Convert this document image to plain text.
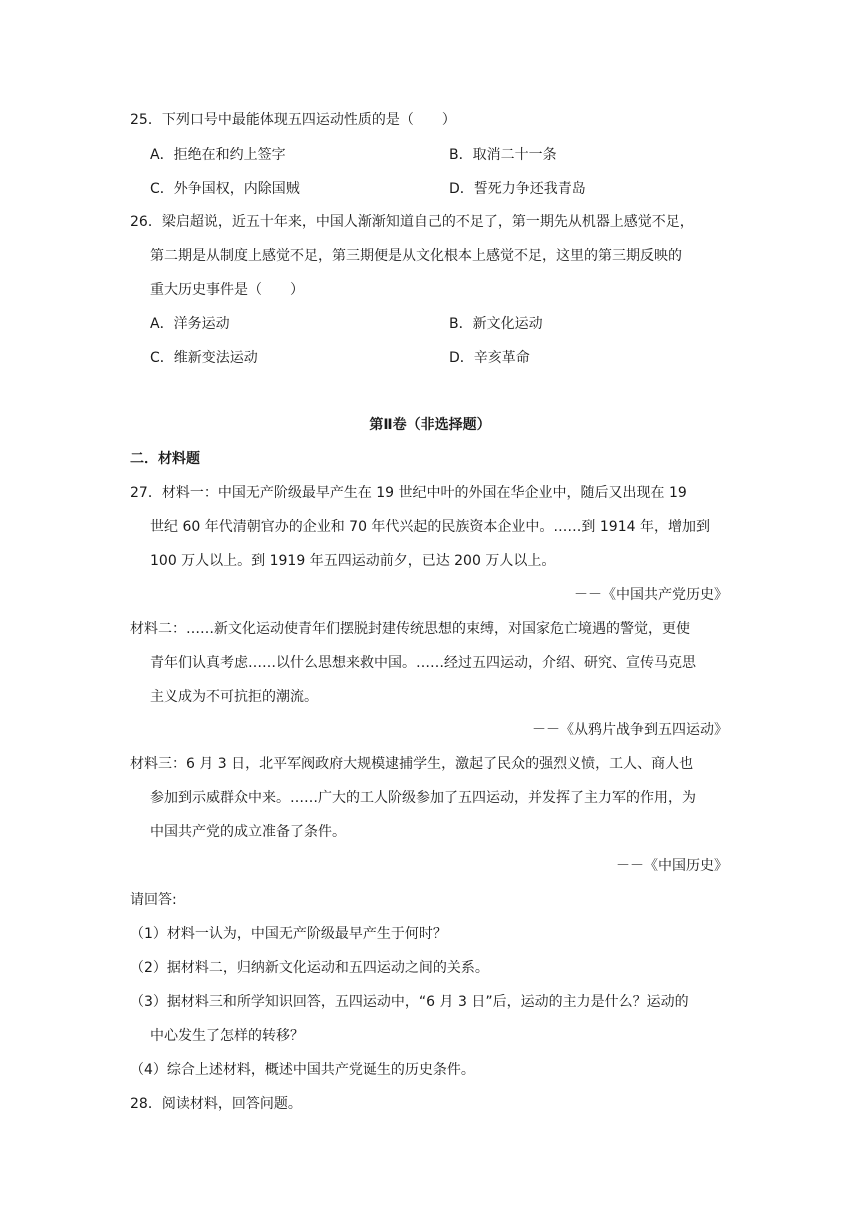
25．下列口号中最能体现五四运动性质的是（　　）
A．拒绝在和约上签字	B．取消二十一条
C．外争国权，内除国贼	D．誓死力争还我青岛
26．梁启超说，近五十年来，中国人渐渐知道自己的不足了，第一期先从机器上感觉不足，
第二期是从制度上感觉不足，第三期便是从文化根本上感觉不足，这里的第三期反映的
重大历史事件是（　　）
A．洋务运动	B．新文化运动
C．维新变法运动	D．辛亥革命
第Ⅱ卷（非选择题）
二．材料题
27．材料一：中国无产阶级最早产生在 19 世纪中叶的外国在华企业中，随后又出现在 19
世纪 60 年代清朝官办的企业和 70 年代兴起的民族资本企业中。……到 1914 年，增加到
100 万人以上。到 1919 年五四运动前夕，已达 200 万人以上。
－－《中国共产党历史》
材料二：……新文化运动使青年们摆脱封建传统思想的束缚，对国家危亡境遇的警觉，更使
青年们认真考虑……以什么思想来救中国。……经过五四运动，介绍、研究、宣传马克思
主义成为不可抗拒的潮流。
－－《从鸦片战争到五四运动》
材料三：6 月 3 日，北平军阀政府大规模逮捕学生，激起了民众的强烈义愤，工人、商人也
参加到示威群众中来。……广大的工人阶级参加了五四运动，并发挥了主力军的作用，为
中国共产党的成立准备了条件。
－－《中国历史》
请回答:
（1）材料一认为，中国无产阶级最早产生于何时？
（2）据材料二，归纳新文化运动和五四运动之间的关系。
（3）据材料三和所学知识回答，五四运动中，“6 月 3 日”后，运动的主力是什么？运动的
中心发生了怎样的转移？
（4）综合上述材料，概述中国共产党诞生的历史条件。
28．阅读材料，回答问题。
